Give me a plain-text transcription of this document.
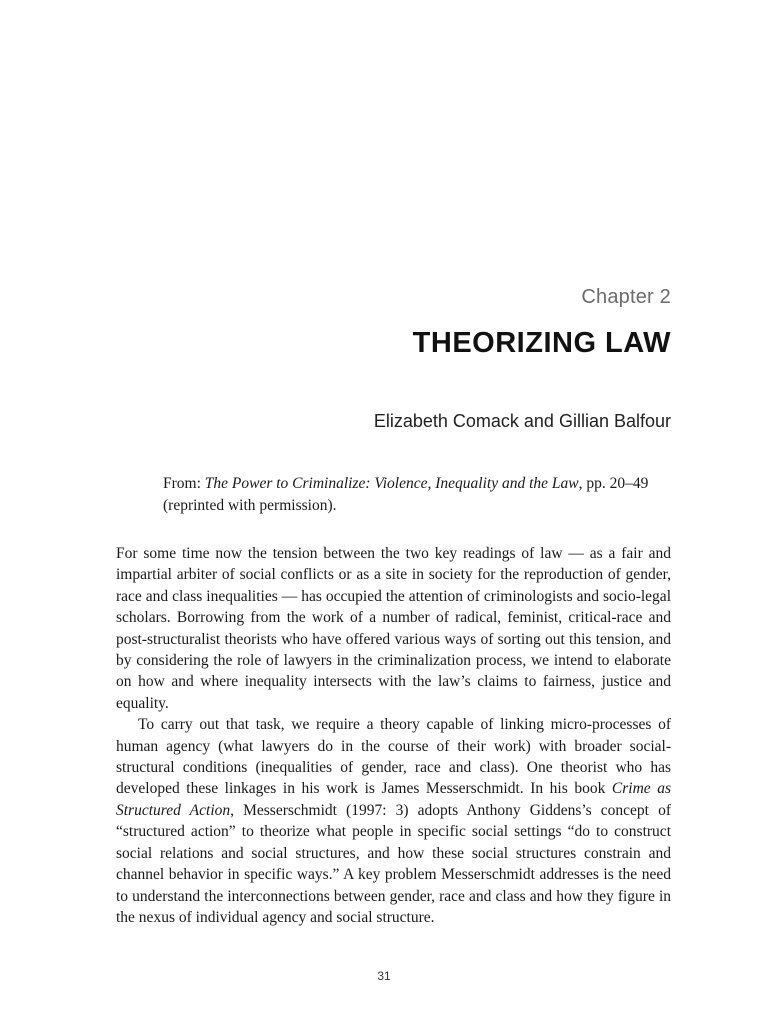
Chapter 2
THEORIZING LAW
Elizabeth Comack and Gillian Balfour
From: The Power to Criminalize: Violence, Inequality and the Law, pp. 20–49 (reprinted with permission).

For some time now the tension between the two key readings of law — as a fair and impartial arbiter of social conflicts or as a site in society for the reproduction of gender, race and class inequalities — has occupied the attention of criminologists and socio-legal scholars. Borrowing from the work of a number of radical, feminist, critical-race and post-structuralist theorists who have offered various ways of sorting out this tension, and by considering the role of lawyers in the criminalization process, we intend to elaborate on how and where inequality intersects with the law’s claims to fairness, justice and equality.

To carry out that task, we require a theory capable of linking micro-processes of human agency (what lawyers do in the course of their work) with broader social-structural conditions (inequalities of gender, race and class). One theorist who has developed these linkages in his work is James Messerschmidt. In his book Crime as Structured Action, Messerschmidt (1997: 3) adopts Anthony Giddens’s concept of “structured action” to theorize what people in specific social settings “do to construct social relations and social structures, and how these social structures constrain and channel behavior in specific ways.” A key problem Messerschmidt addresses is the need to understand the interconnections between gender, race and class and how they figure in the nexus of individual agency and social structure.

31
